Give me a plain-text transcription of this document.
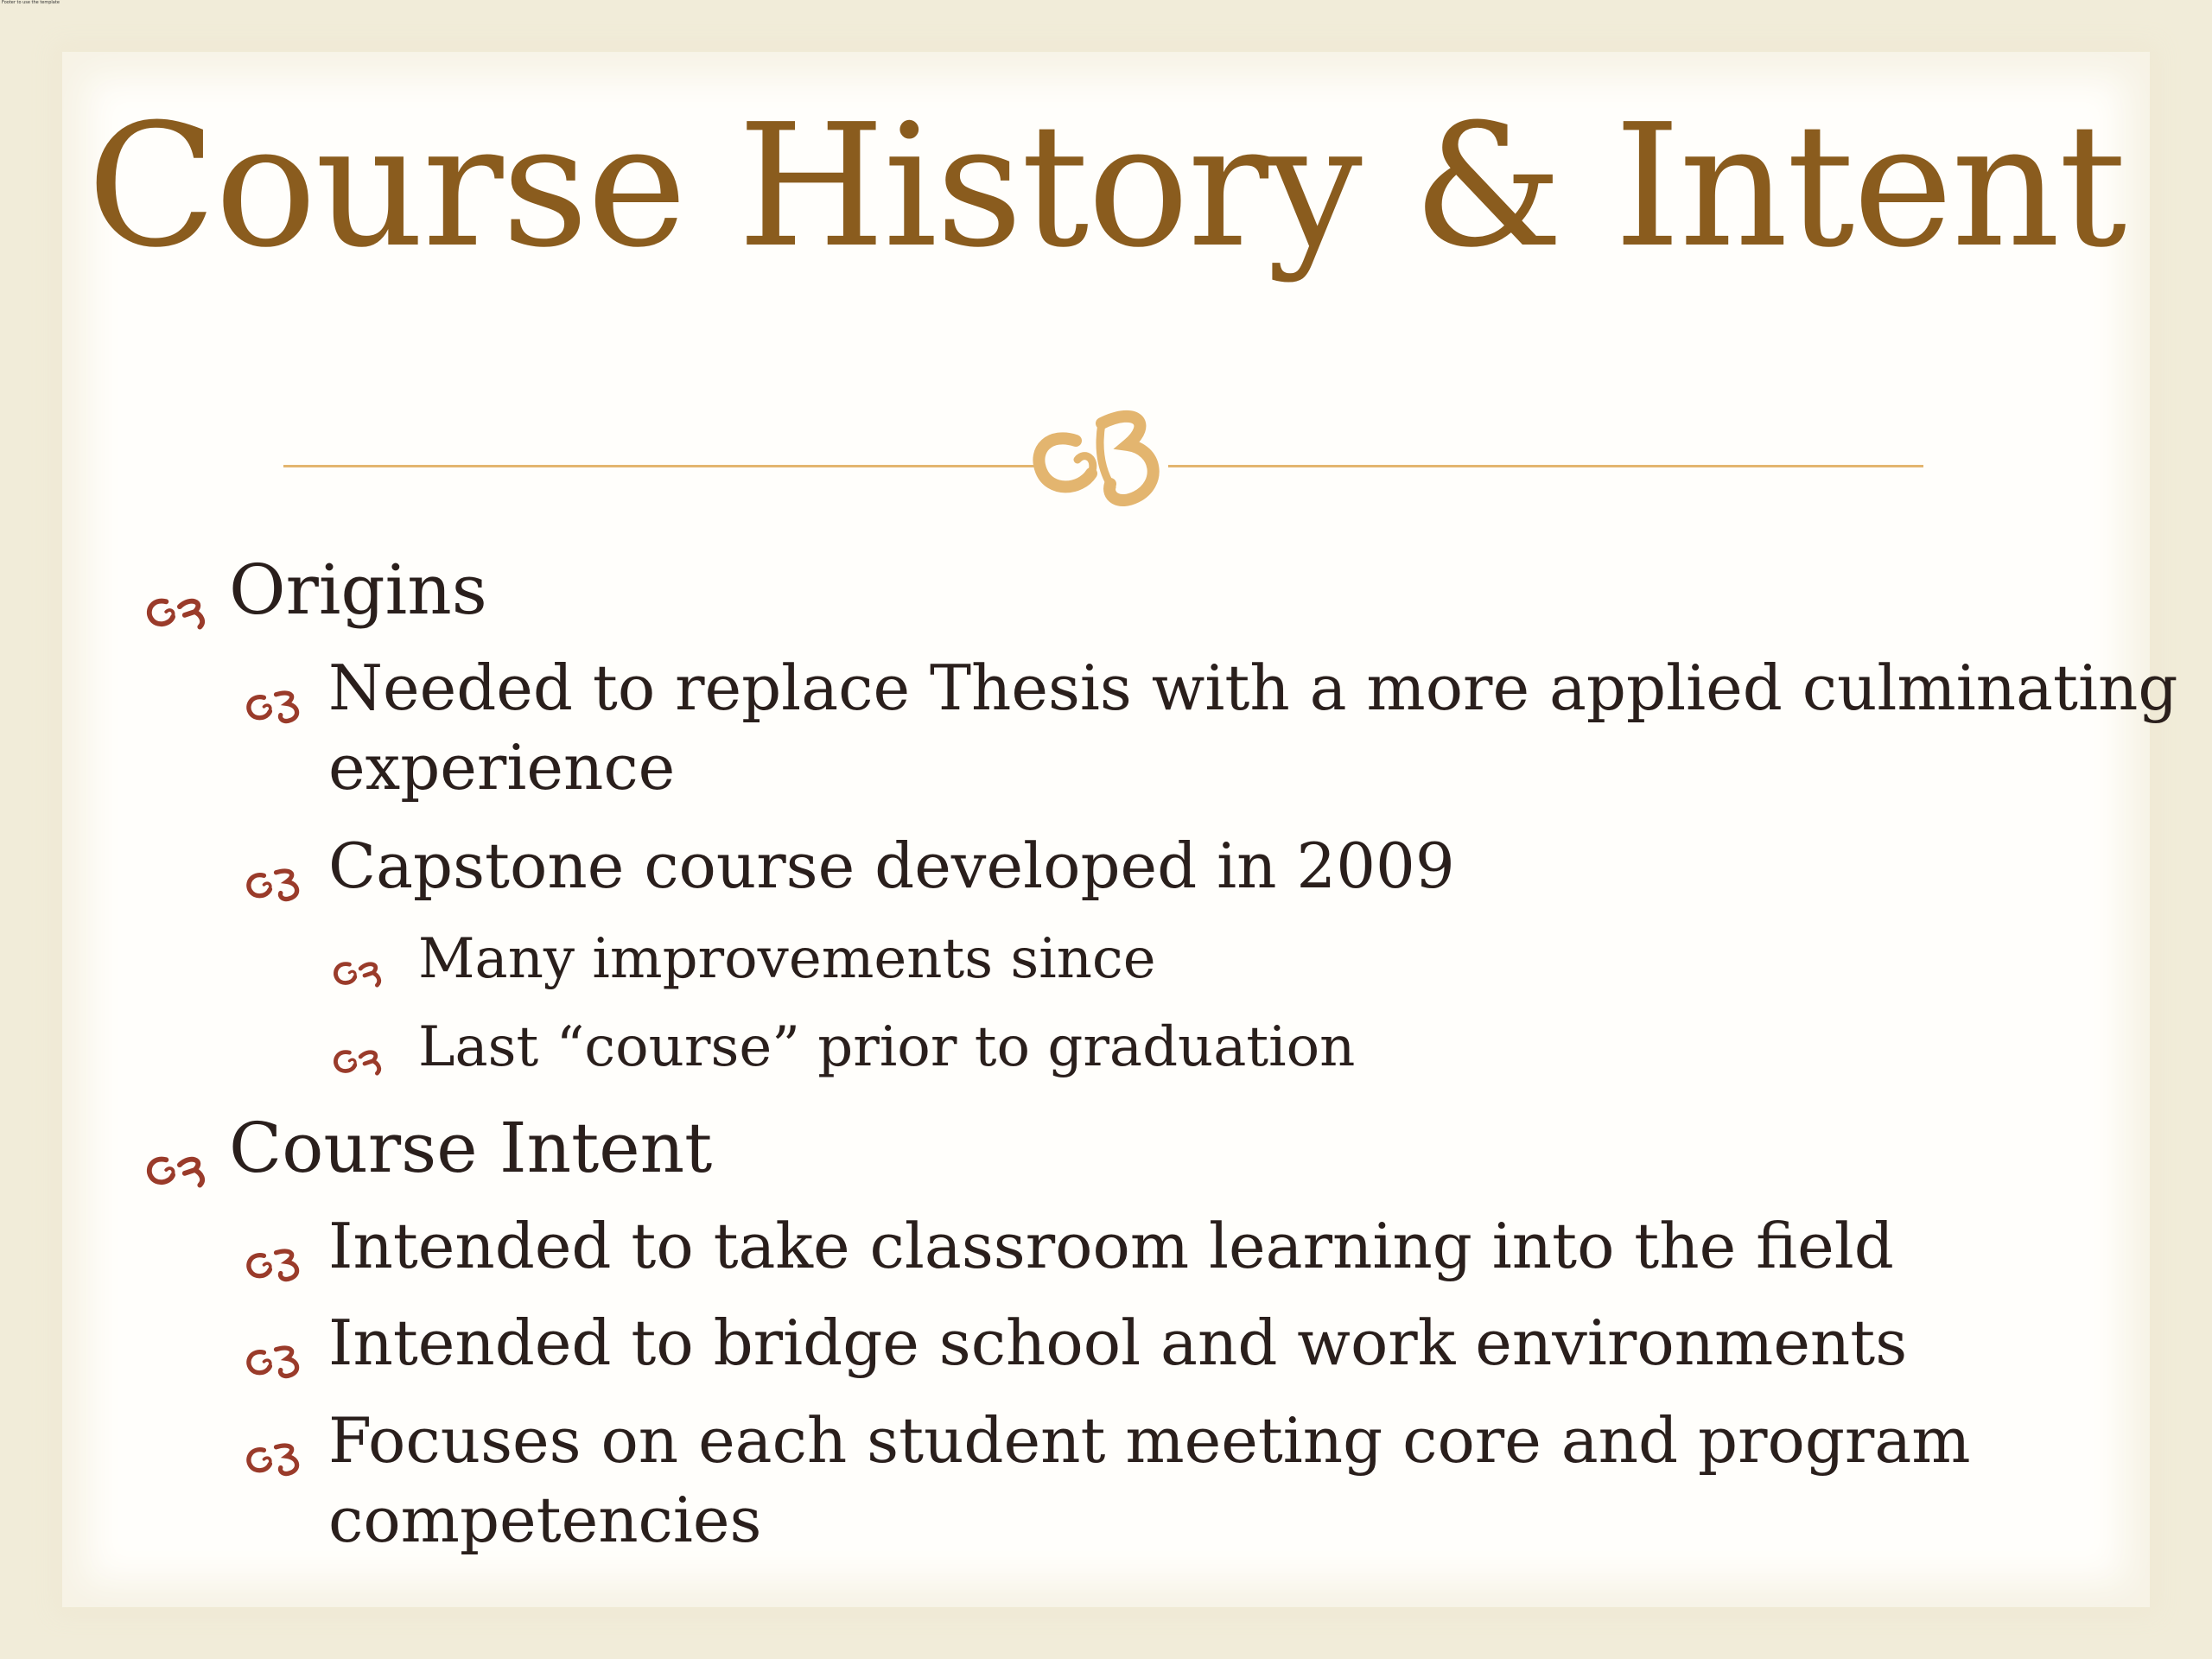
Footer to use the template
Course History & Intent
Origins
Needed to replace Thesis with a more applied culminating
experience
Capstone course developed in 2009
Many improvements since
Last “course” prior to graduation
Course Intent
Intended to take classroom learning into the field
Intended to bridge school and work environments
Focuses on each student meeting core and program
competencies
